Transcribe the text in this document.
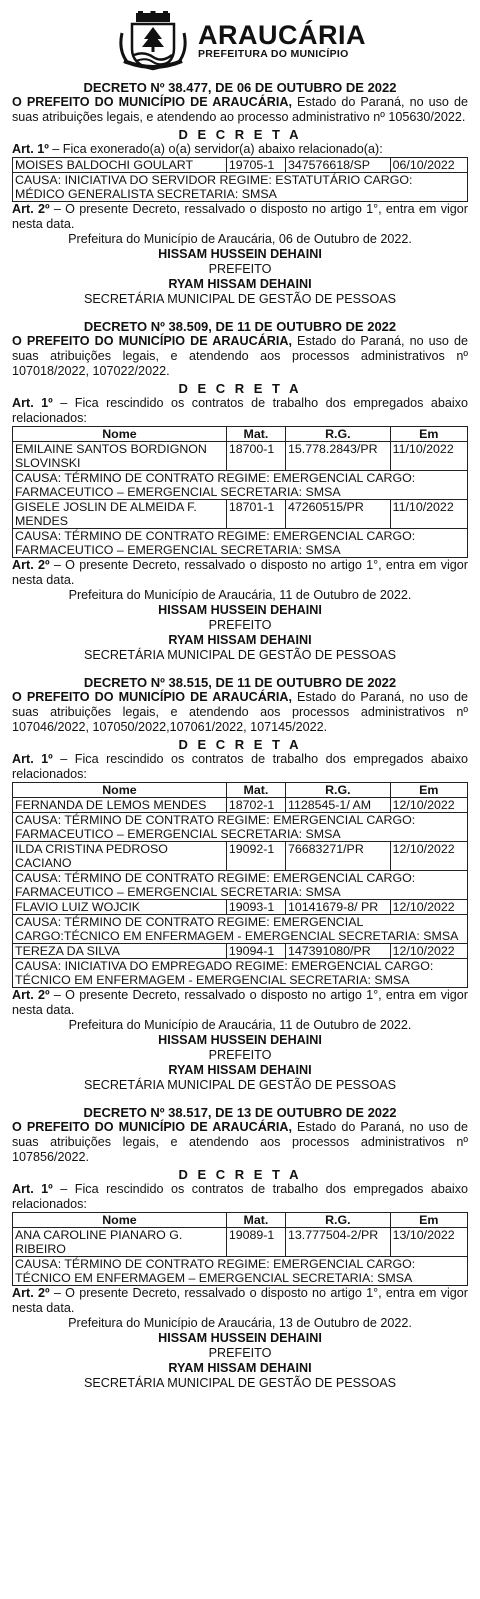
ARAUCÁRIA
PREFEITURA DO MUNICÍPIO
DECRETO Nº 38.477, DE 06 DE OUTUBRO DE 2022
O PREFEITO DO MUNICÍPIO DE ARAUCÁRIA, Estado do Paraná, no uso de suas atribuições legais, e atendendo ao processo administrativo nº 105630/2022.
D E C R E T A
Art. 1º – Fica exonerado(a) o(a) servidor(a) abaixo relacionado(a):
MOISES BALDOCHI GOULART	19705-1	347576618/SP	06/10/2022
CAUSA: INICIATIVA DO SERVIDOR REGIME: ESTATUTÁRIO CARGO: MÉDICO GENERALISTA SECRETARIA: SMSA
Art. 2º – O presente Decreto, ressalvado o disposto no artigo 1°, entra em vigor nesta data.
Prefeitura do Município de Araucária, 06 de Outubro de 2022.
HISSAM HUSSEIN DEHAINI
PREFEITO
RYAM HISSAM DEHAINI
SECRETÁRIA MUNICIPAL DE GESTÃO DE PESSOAS
DECRETO Nº 38.509, DE 11 DE OUTUBRO DE 2022
O PREFEITO DO MUNICÍPIO DE ARAUCÁRIA, Estado do Paraná, no uso de suas atribuições legais, e atendendo aos processos administrativos nº 107018/2022, 107022/2022.
D E C R E T A
Art. 1º – Fica rescindido os contratos de trabalho dos empregados abaixo relacionados:
Nome	Mat.	R.G.	Em
EMILAINE SANTOS BORDIGNON SLOVINSKI	18700-1	15.778.2843/PR	11/10/2022
CAUSA: TÉRMINO DE CONTRATO REGIME: EMERGENCIAL CARGO: FARMACEUTICO – EMERGENCIAL SECRETARIA: SMSA			
GISELE JOSLIN DE ALMEIDA F. MENDES	18701-1	47260515/PR	11/10/2022
CAUSA: TÉRMINO DE CONTRATO REGIME: EMERGENCIAL CARGO: FARMACEUTICO – EMERGENCIAL SECRETARIA: SMSA			
Art. 2º – O presente Decreto, ressalvado o disposto no artigo 1°, entra em vigor nesta data.
Prefeitura do Município de Araucária, 11 de Outubro de 2022.
HISSAM HUSSEIN DEHAINI
PREFEITO
RYAM HISSAM DEHAINI
SECRETÁRIA MUNICIPAL DE GESTÃO DE PESSOAS
DECRETO Nº 38.515, DE 11 DE OUTUBRO DE 2022
O PREFEITO DO MUNICÍPIO DE ARAUCÁRIA, Estado do Paraná, no uso de suas atribuições legais, e atendendo aos processos administrativos nº 107046/2022, 107050/2022,107061/2022, 107145/2022.
D E C R E T A
Art. 1º – Fica rescindido os contratos de trabalho dos empregados abaixo relacionados:
Nome	Mat.	R.G.	Em
FERNANDA DE LEMOS MENDES	18702-1	1128545-1/ AM	12/10/2022
CAUSA: TÉRMINO DE CONTRATO REGIME: EMERGENCIAL CARGO: FARMACEUTICO – EMERGENCIAL SECRETARIA: SMSA			
ILDA CRISTINA PEDROSO CACIANO	19092-1	76683271/PR	12/10/2022
CAUSA: TÉRMINO DE CONTRATO REGIME: EMERGENCIAL CARGO: FARMACEUTICO – EMERGENCIAL SECRETARIA: SMSA			
FLAVIO LUIZ WOJCIK	19093-1	10141679-8/ PR	12/10/2022
CAUSA: TÉRMINO DE CONTRATO REGIME: EMERGENCIAL CARGO:TÉCNICO EM ENFERMAGEM - EMERGENCIAL SECRETARIA: SMSA			
TEREZA DA SILVA	19094-1	147391080/PR	12/10/2022
CAUSA: INICIATIVA DO EMPREGADO REGIME: EMERGENCIAL CARGO: TÉCNICO EM ENFERMAGEM - EMERGENCIAL SECRETARIA: SMSA			
Art. 2º – O presente Decreto, ressalvado o disposto no artigo 1°, entra em vigor nesta data.
Prefeitura do Município de Araucária, 11 de Outubro de 2022.
HISSAM HUSSEIN DEHAINI
PREFEITO
RYAM HISSAM DEHAINI
SECRETÁRIA MUNICIPAL DE GESTÃO DE PESSOAS
DECRETO Nº 38.517, DE 13 DE OUTUBRO DE 2022
O PREFEITO DO MUNICÍPIO DE ARAUCÁRIA, Estado do Paraná, no uso de suas atribuições legais, e atendendo aos processos administrativos nº 107856/2022.
D E C R E T A
Art. 1º – Fica rescindido os contratos de trabalho dos empregados abaixo relacionados:
Nome	Mat.	R.G.	Em
ANA CAROLINE PIANARO G. RIBEIRO	19089-1	13.777504-2/PR	13/10/2022
CAUSA: TÉRMINO DE CONTRATO REGIME: EMERGENCIAL CARGO: TÉCNICO EM ENFERMAGEM – EMERGENCIAL SECRETARIA: SMSA			
Art. 2º – O presente Decreto, ressalvado o disposto no artigo 1°, entra em vigor nesta data.
Prefeitura do Município de Araucária, 13 de Outubro de 2022.
HISSAM HUSSEIN DEHAINI
PREFEITO
RYAM HISSAM DEHAINI
SECRETÁRIA MUNICIPAL DE GESTÃO DE PESSOAS
